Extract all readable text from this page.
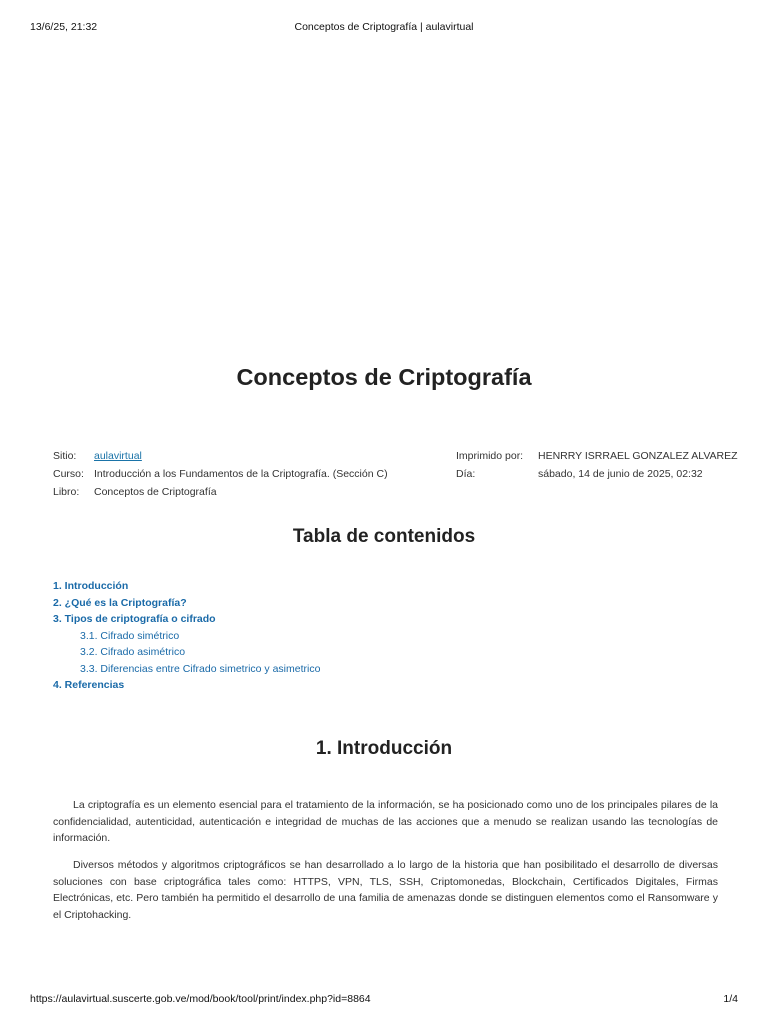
13/6/25, 21:32	Conceptos de Criptografía | aulavirtual
Conceptos de Criptografía
Sitio:	aulavirtual
Curso: Introducción a los Fundamentos de la Criptografía. (Sección C)
Libro:	Conceptos de Criptografía
Imprimido por:	HENRRY ISRRAEL GONZALEZ ALVAREZ
Día:	sábado, 14 de junio de 2025, 02:32
Tabla de contenidos
1. Introducción
2. ¿Qué es la Criptografía?
3. Tipos de criptografía o cifrado
3.1. Cifrado simétrico
3.2. Cifrado asimétrico
3.3. Diferencias entre Cifrado simetrico y asimetrico
4. Referencias
1. Introducción

La criptografía es un elemento esencial para el tratamiento de la información, se ha posicionado como uno de los principales pilares de la confidencialidad, autenticidad, autenticación e integridad de muchas de las acciones que a menudo se realizan usando las tecnologías de información.

Diversos métodos y algoritmos criptográficos se han desarrollado a lo largo de la historia que han posibilitado el desarrollo de diversas soluciones con base criptográfica tales como: HTTPS, VPN, TLS, SSH, Criptomonedas, Blockchain, Certificados Digitales, Firmas Electrónicas, etc. Pero también ha permitido el desarrollo de una familia de amenazas donde se distinguen elementos como el Ransomware y el Criptohacking.

https://aulavirtual.suscerte.gob.ve/mod/book/tool/print/index.php?id=8864	1/4
